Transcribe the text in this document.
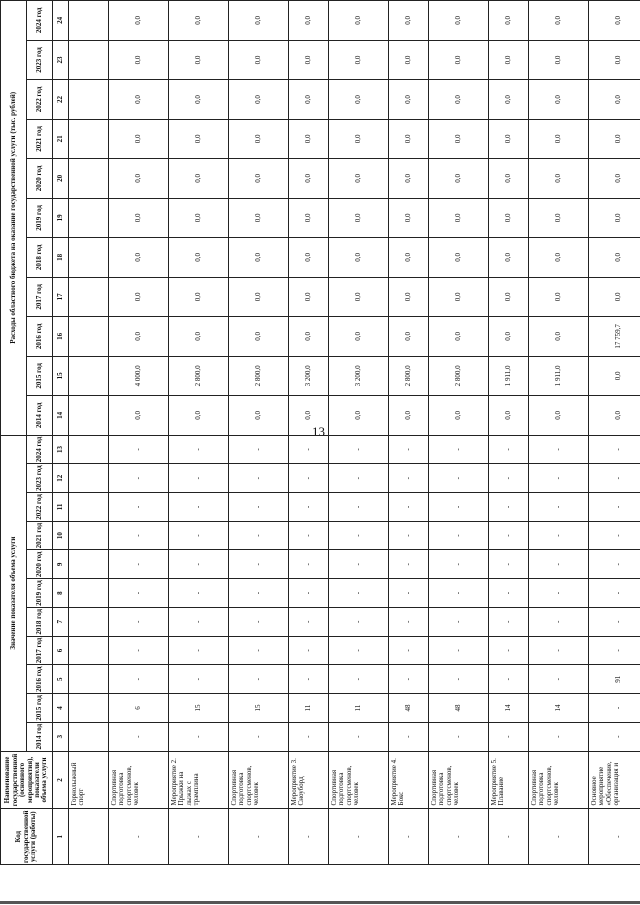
13
Код государственной услуги (работы)	Наименование государственной (основного мероприятия), показатели объема услуги	Значение показателя объема услуги											Расходы областного бюджета на оказание государственной услуги (тыс. рублей)										
		2014 год	2015 год	2016 год	2017 год	2018 год	2019 год	2020 год	2021 год	2022 год	2023 год	2024 год	2014 год	2015 год	2016 год	2017 год	2018 год	2019 год	2020 год	2021 год	2022 год	2023 год	2024 год
1	2	3	4	5	6	7	8	9	10	11	12	13	14	15	16	17	18	19	20	21	22	23	24
	Горнолыжный спорт																						
-	Спортивная подготовка спортсменов, человек	-	6	-	-	-	-	-	-	-	-	-	0,0	4 000,0	0,0	0,0	0,0	0,0	0,0	0,0	0,0	0,0	0,0
-	Мероприятие 2. Прыжки на лыжах с трамплина	-	15	-	-	-	-	-	-	-	-	-	0,0	2 800,0	0,0	0,0	0,0	0,0	0,0	0,0	0,0	0,0	0,0
-	Спортивная подготовка спортсменов, человек	-	15	-	-	-	-	-	-	-	-	-	0,0	2 800,0	0,0	0,0	0,0	0,0	0,0	0,0	0,0	0,0	0,0
-	Мероприятие 3. Сноуборд	-	11	-	-	-	-	-	-	-	-	-	0,0	3 200,0	0,0	0,0	0,0	0,0	0,0	0,0	0,0	0,0	0,0
-	Спортивная подготовка спортсменов, человек	-	11	-	-	-	-	-	-	-	-	-	0,0	3 200,0	0,0	0,0	0,0	0,0	0,0	0,0	0,0	0,0	0,0
-	Мероприятие 4. Бокс	-	48	-	-	-	-	-	-	-	-	-	0,0	2 800,0	0,0	0,0	0,0	0,0	0,0	0,0	0,0	0,0	0,0
-	Спортивная подготовка спортсменов, человек	-	48	-	-	-	-	-	-	-	-	-	0,0	2 800,0	0,0	0,0	0,0	0,0	0,0	0,0	0,0	0,0	0,0
-	Мероприятие 5. Плавание	-	14	-	-	-	-	-	-	-	-	-	0,0	1 911,0	0,0	0,0	0,0	0,0	0,0	0,0	0,0	0,0	0,0
-	Спортивная подготовка спортсменов, человек	-	14	-	-	-	-	-	-	-	-	-	0,0	1 911,0	0,0	0,0	0,0	0,0	0,0	0,0	0,0	0,0	0,0
-	Основное мероприятие «Обеспечение, организация и	-	-	91	-	-	-	-	-	-	-	-	0,0	0,0	17 759,7	0,0	0,0	0,0	0,0	0,0	0,0	0,0	0,0
